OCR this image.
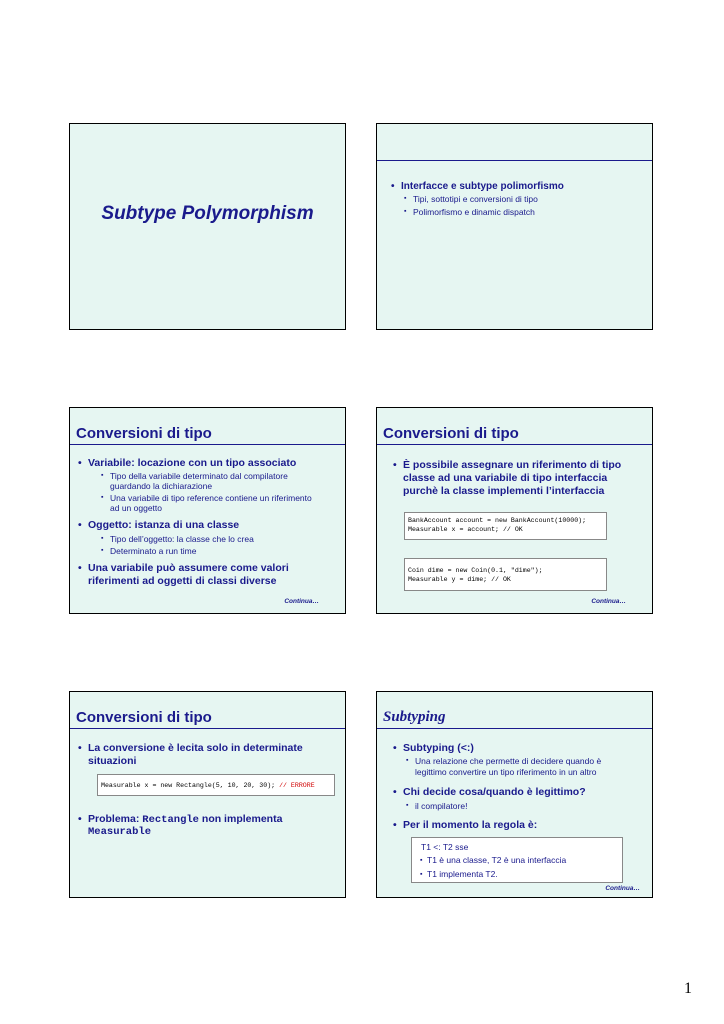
Subtype Polymorphism
• Interfacce e subtype polimorfismo
▪ Tipi, sottotipi e conversioni di tipo
▪ Polimorfismo e dinamic dispatch
Conversioni di tipo
• Variabile: locazione con un tipo associato
▪ Tipo della variabile determinato dal compilatore
guardando la dichiarazione
▪ Una variabile di tipo reference contiene un riferimento
ad un oggetto
• Oggetto: istanza di una classe
▪ Tipo dell’oggetto: la classe che lo crea
▪ Determinato a run time
• Una variabile può assumere come valori
riferimenti ad oggetti di classi diverse
Continua…
Conversioni di tipo
• È possibile assegnare un riferimento di tipo
classe ad una variabile di tipo interfaccia
purchè la classe implementi l’interfaccia
BankAccount account = new BankAccount(10000);
Measurable x = account; // OK
Coin dime = new Coin(0.1, "dime");
Measurable y = dime; // OK
Continua…
Conversioni di tipo
• La conversione è lecita solo in determinate
situazioni
Measurable x = new Rectangle(5, 10, 20, 30); // ERRORE
• Problema: Rectangle non implementa
Measurable
Subtyping
• Subtyping (<:)
▪ Una relazione che permette di decidere quando è
legittimo convertire un tipo riferimento in un altro
• Chi decide cosa/quando è legittimo?
▪ il compilatore!
• Per il momento la regola è:
T1 <: T2 sse
▪ T1 è una classe, T2 è una interfaccia
▪ T1 implementa T2.
Continua…
1
